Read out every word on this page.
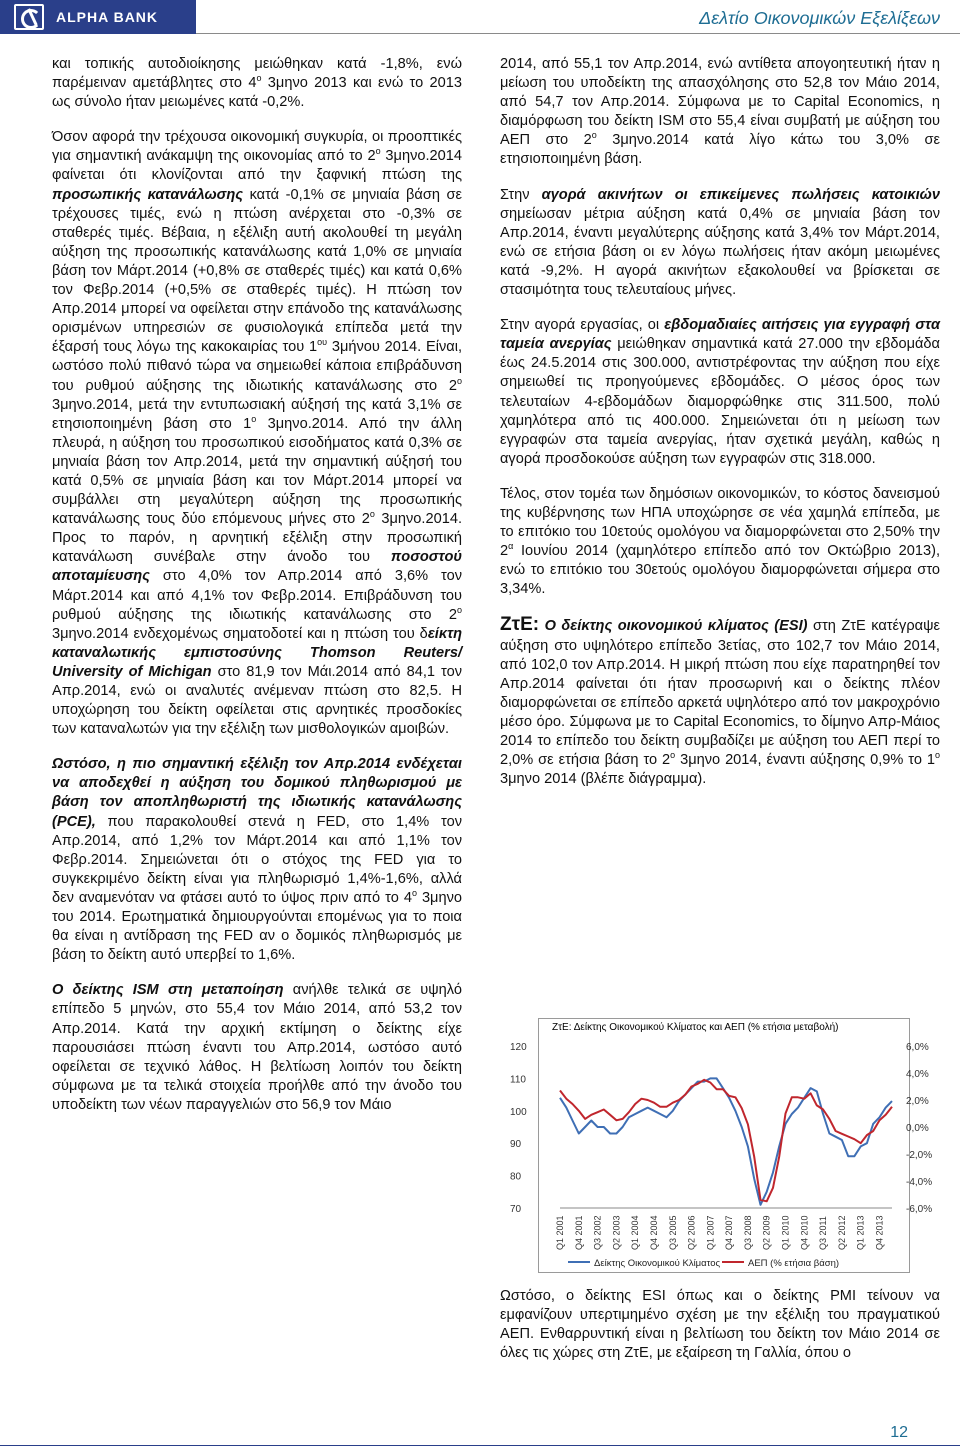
ALPHA BANK	Δελτίο Οικονομικών Εξελίξεων

και τοπικής αυτοδιοίκησης μειώθηκαν κατά -1,8%, ενώ παρέμειναν αμετάβλητες στο $4^o$ 3μηνο 2013 και ενώ το 2013 ως σύνολο ήταν μειωμένες κατά -0,2%.

Όσον αφορά την τρέχουσα οικονομική συγκυρία, οι προοπτικές για σημαντική ανάκαμψη της οικονομίας από το $2^o$ 3μηνο.2014 φαίνεται ότι κλονίζονται από την ξαφνική πτώση της προσωπικής κατανάλωσης κατά -0,1% σε μηνιαία βάση σε τρέχουσες τιμές, ενώ η πτώση ανέρχεται στο -0,3% σε σταθερές τιμές. Βέβαια, η εξέλιξη αυτή ακολουθεί τη μεγάλη αύξηση της προσωπικής κατανάλωσης κατά 1,0% σε μηνιαία βάση τον Μάρτ.2014 (+0,8% σε σταθερές τιμές) και κατά 0,6% τον Φεβρ.2014 (+0,5% σε σταθερές τιμές). Η πτώση τον Απρ.2014 μπορεί να οφείλεται στην επάνοδο της κατανάλωσης ορισμένων υπηρεσιών σε φυσιολογικά επίπεδα μετά την έξαρσή τους λόγω της κακοκαιρίας του $1^{o\upsilon}$ 3μήνου 2014. Είναι, ωστόσο πολύ πιθανό τώρα να σημειωθεί κάποια επιβράδυνση του ρυθμού αύξησης της ιδιωτικής κατανάλωσης στο $2^o$ 3μηνο.2014, μετά την εντυπωσιακή αύξησή της κατά 3,1% σε ετησιοποιημένη βάση στο $1^o$ 3μηνο.2014. Από την άλλη πλευρά, η αύξηση του προσωπικού εισοδήματος κατά 0,3% σε μηνιαία βάση τον Απρ.2014, μετά την σημαντική αύξησή του κατά 0,5% σε μηνιαία βάση και τον Μάρτ.2014 μπορεί να συμβάλλει στη μεγαλύτερη αύξηση της προσωπικής κατανάλωσης τους δύο επόμενους μήνες στο $2^o$ 3μηνο.2014. Προς το παρόν, η αρνητική εξέλιξη στην προσωπική κατανάλωση συνέβαλε στην άνοδο του ποσοστού αποταμίευσης στο 4,0% τον Απρ.2014 από 3,6% τον Μάρτ.2014 και από 4,1% τον Φεβρ.2014. Επιβράδυνση του ρυθμού αύξησης της ιδιωτικής κατανάλωσης στο $2^o$ 3μηνο.2014 ενδεχομένως σηματοδοτεί και η πτώση του δείκτη καταναλωτικής εμπιστοσύνης Thomson Reuters/ University of Michigan στο 81,9 τον Μάι.2014 από 84,1 τον Απρ.2014, ενώ οι αναλυτές ανέμεναν πτώση στο 82,5. Η υποχώρηση του δείκτη οφείλεται στις αρνητικές προσδοκίες των καταναλωτών για την εξέλιξη των μισθολογικών αμοιβών.

Ωστόσο, η πιο σημαντική εξέλιξη τον Απρ.2014 ενδέχεται να αποδεχθεί η αύξηση του δομικού πληθωρισμού με βάση τον αποπληθωριστή της ιδιωτικής κατανάλωσης (PCE), που παρακολουθεί στενά η FED, στο 1,4% τον Απρ.2014, από 1,2% τον Μάρτ.2014 και από 1,1% τον Φεβρ.2014. Σημειώνεται ότι ο στόχος της FED για το συγκεκριμένο δείκτη είναι για πληθωρισμό 1,4%-1,6%, αλλά δεν αναμενόταν να φτάσει αυτό το ύψος πριν από το $4^o$ 3μηνο του 2014. Ερωτηματικά δημιουργούνται επομένως για το ποια θα είναι η αντίδραση της FED αν ο δομικός πληθωρισμός με βάση το δείκτη αυτό υπερβεί το 1,6%.

Ο δείκτης ISM στη μεταποίηση ανήλθε τελικά σε υψηλό επίπεδο 5 μηνών, στο 55,4 τον Μάιο 2014, από 53,2 τον Απρ.2014. Κατά την αρχική εκτίμηση ο δείκτης είχε παρουσιάσει πτώση έναντι του Απρ.2014, ωστόσο αυτό οφείλεται σε τεχνικό λάθος. Η βελτίωση λοιπόν του δείκτη σύμφωνα με τα τελικά στοιχεία προήλθε από την άνοδο του υποδείκτη των νέων παραγγελιών στο 56,9 τον Μάιο

2014, από 55,1 τον Απρ.2014, ενώ αντίθετα απογοητευτική ήταν η μείωση του υποδείκτη της απασχόλησης στο 52,8 τον Μάιο 2014, από 54,7 τον Απρ.2014. Σύμφωνα με το Capital Economics, η διαμόρφωση του δείκτη ISM στο 55,4 είναι συμβατή με αύξηση του ΑΕΠ στο $2^o$ 3μηνο.2014 κατά λίγο κάτω του 3,0% σε ετησιοποιημένη βάση.

Στην αγορά ακινήτων οι επικείμενες πωλήσεις κατοικιών σημείωσαν μέτρια αύξηση κατά 0,4% σε μηνιαία βάση τον Απρ.2014, έναντι μεγαλύτερης αύξησης κατά 3,4% τον Μάρτ.2014, ενώ σε ετήσια βάση οι εν λόγω πωλήσεις ήταν ακόμη μειωμένες κατά -9,2%. Η αγορά ακινήτων εξακολουθεί να βρίσκεται σε στασιμότητα τους τελευταίους μήνες.

Στην αγορά εργασίας, οι εβδομαδιαίες αιτήσεις για εγγραφή στα ταμεία ανεργίας μειώθηκαν σημαντικά κατά 27.000 την εβδομάδα έως 24.5.2014 στις 300.000, αντιστρέφοντας την αύξηση που είχε σημειωθεί τις προηγούμενες εβδομάδες. Ο μέσος όρος των τελευταίων 4-εβδομάδων διαμορφώθηκε στις 311.500, πολύ χαμηλότερα από τις 400.000. Σημειώνεται ότι η μείωση των εγγραφών στα ταμεία ανεργίας, ήταν σχετικά μεγάλη, καθώς η αγορά προσδοκούσε αύξηση των εγγραφών στις 318.000.

Τέλος, στον τομέα των δημόσιων οικονομικών, το κόστος δανεισμού της κυβέρνησης των ΗΠΑ υποχώρησε σε νέα χαμηλά επίπεδα, με το επιτόκιο του 10ετούς ομολόγου να διαμορφώνεται στο 2,50% την $2^\alpha$ Ιουνίου 2014 (χαμηλότερο επίπεδο από τον Οκτώβριο 2013), ενώ το επιτόκιο του 30ετούς ομολόγου διαμορφώνεται σήμερα στο 3,34%.

ΖτΕ: Ο δείκτης οικονομικού κλίματος (ESI) στη ΖτΕ κατέγραψε αύξηση στο υψηλότερο επίπεδο 3ετίας, στο 102,7 τον Μάιο 2014, από 102,0 τον Απρ.2014. Η μικρή πτώση που είχε παρατηρηθεί τον Απρ.2014 φαίνεται ότι ήταν προσωρινή και ο δείκτης πλέον διαμορφώνεται σε επίπεδο αρκετά υψηλότερο από τον μακροχρόνιο μέσο όρο. Σύμφωνα με το Capital Economics, το δίμηνο Απρ-Μάιος 2014 το επίπεδο του δείκτη συμβαδίζει με αύξηση του ΑΕΠ περί το 2,0% σε ετήσια βάση το $2^o$ 3μηνο 2014, έναντι αύξησης 0,9% το $1^o$ 3μηνο 2014 (βλέπε διάγραμμα).

ΖτΕ: Δείκτης Οικονομικού Κλίματος και ΑΕΠ (% ετήσια μεταβολή)
120
110
100
90
80
70
6,0%
4,0%
2,0%
0,0%
-2,0%
-4,0%
-6,0%
Q1 2001 Q4 2001 Q3 2002 Q2 2003 Q1 2004 Q4 2004 Q3 2005 Q2 2006 Q1 2007 Q4 2007 Q3 2008 Q2 2009 Q1 2010 Q4 2010 Q3 2011 Q2 2012 Q1 2013 Q4 2013
Δείκτης Οικονομικού Κλίματος	ΑΕΠ (% ετήσια βάση)

Ωστόσο, ο δείκτης ESI όπως και ο δείκτης PMI τείνουν να εμφανίζουν υπερτιμημένο σχέση με την εξέλιξη του πραγματικού ΑΕΠ. Ενθαρρυντική είναι η βελτίωση του δείκτη τον Μάιο 2014 σε όλες τις χώρες στη ΖτΕ, με εξαίρεση τη Γαλλία, όπου ο

12
